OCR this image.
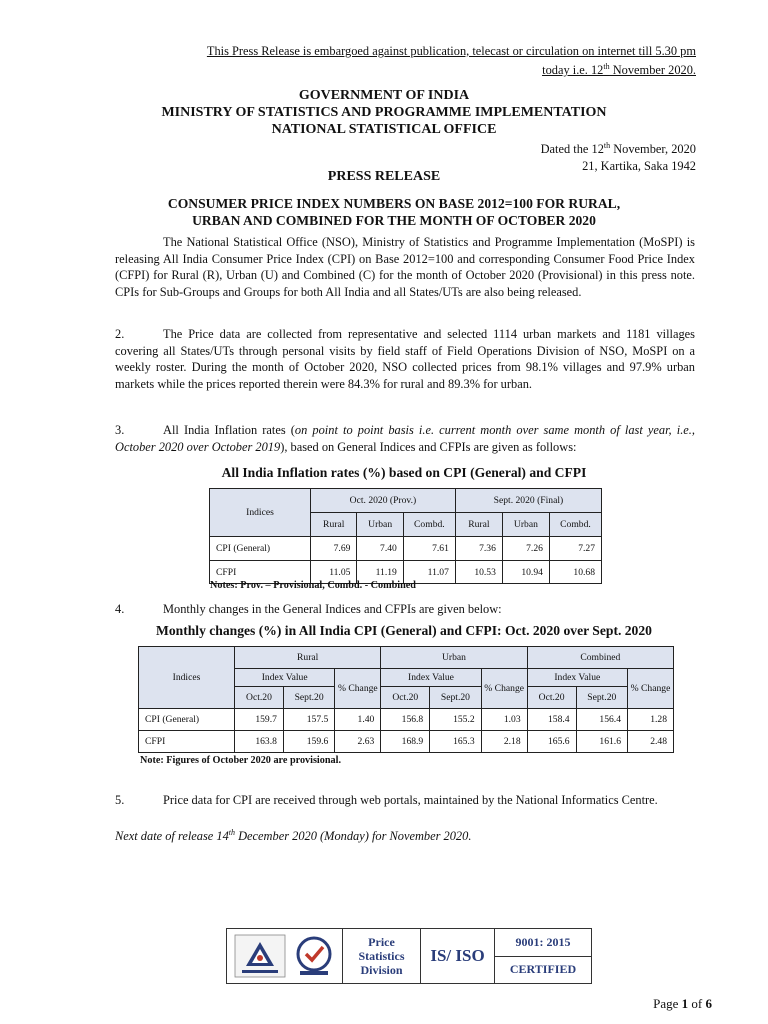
This Press Release is embargoed against publication, telecast or circulation on internet till 5.30 pm
today i.e. 12th November 2020.
GOVERNMENT OF INDIA
MINISTRY OF STATISTICS AND PROGRAMME IMPLEMENTATION
NATIONAL STATISTICAL OFFICE
Dated the 12th November, 2020
21, Kartika, Saka 1942
PRESS RELEASE
CONSUMER PRICE INDEX NUMBERS ON BASE 2012=100 FOR RURAL,
URBAN AND COMBINED FOR THE MONTH OF OCTOBER 2020
The National Statistical Office (NSO), Ministry of Statistics and Programme Implementation (MoSPI) is releasing All India Consumer Price Index (CPI) on Base 2012=100 and corresponding Consumer Food Price Index (CFPI) for Rural (R), Urban (U) and Combined (C) for the month of October 2020 (Provisional) in this press note. CPIs for Sub-Groups and Groups for both All India and all States/UTs are also being released.
2.	The Price data are collected from representative and selected 1114 urban markets and 1181 villages covering all States/UTs through personal visits by field staff of Field Operations Division of NSO, MoSPI on a weekly roster. During the month of October 2020, NSO collected prices from 98.1% villages and 97.9% urban markets while the prices reported therein were 84.3% for rural and 89.3% for urban.
3.	All India Inflation rates (on point to point basis i.e. current month over same month of last year, i.e., October 2020 over October 2019), based on General Indices and CFPIs are given as follows:
All India Inflation rates (%) based on CPI (General) and CFPI
Indices	Oct. 2020 (Prov.)			Sept. 2020 (Final)		
	Rural	Urban	Combd.	Rural	Urban	Combd.
CPI (General)	7.69	7.40	7.61	7.36	7.26	7.27
CFPI	11.05	11.19	11.07	10.53	10.94	10.68
Notes: Prov. – Provisional, Combd. - Combined
4.	Monthly changes in the General Indices and CFPIs are given below:
Monthly changes (%) in All India CPI (General) and CFPI: Oct. 2020 over Sept. 2020
Indices	Rural			Urban			Combined		
	Index Value		% Change	Index Value		% Change	Index Value		% Change
	Oct.20	Sept.20		Oct.20	Sept.20		Oct.20	Sept.20	
CPI (General)	159.7	157.5	1.40	156.8	155.2	1.03	158.4	156.4	1.28
CFPI	163.8	159.6	2.63	168.9	165.3	2.18	165.6	161.6	2.48
Note: Figures of October 2020 are provisional.
5.	Price data for CPI are received through web portals, maintained by the National Informatics Centre.
Next date of release 14th December 2020 (Monday) for November 2020.
Price
Statistics
Division
IS/ ISO
9001: 2015
CERTIFIED
Page 1 of 6
